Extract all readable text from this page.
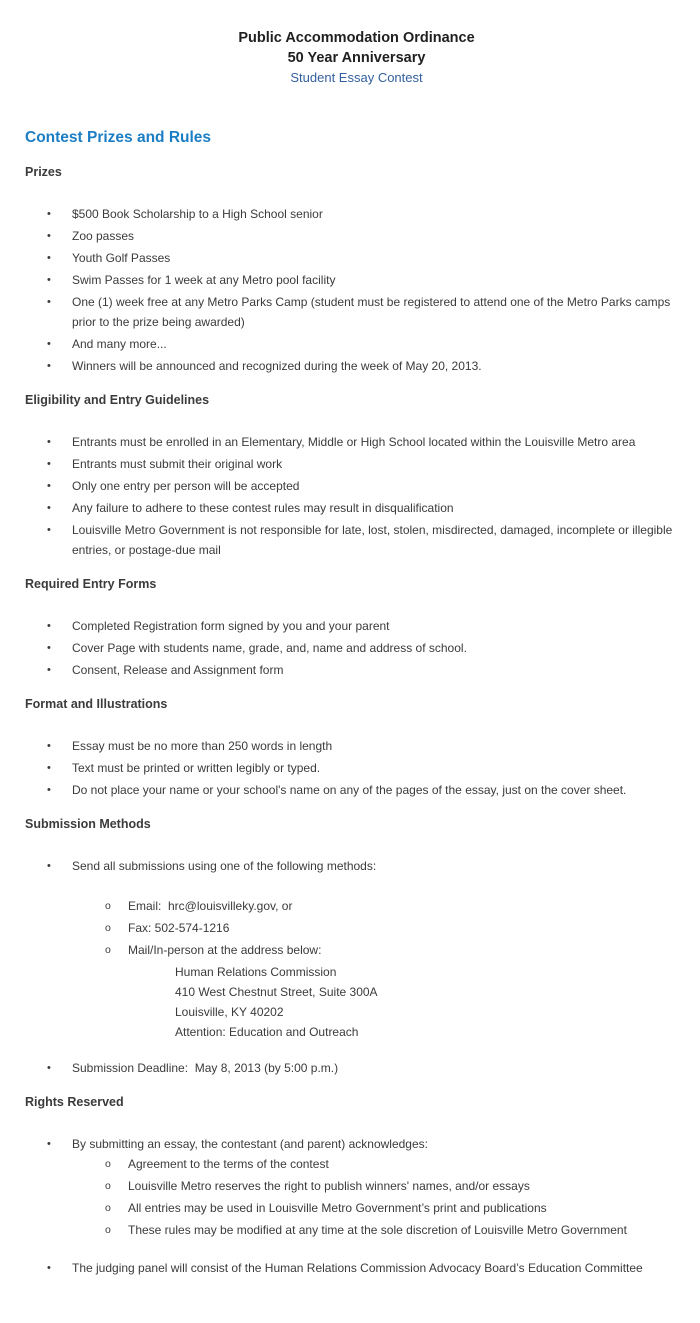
Public Accommodation Ordinance
50 Year Anniversary
Student Essay Contest
Contest Prizes and Rules
Prizes
•	$500 Book Scholarship to a High School senior
•	Zoo passes
•	Youth Golf Passes
•	Swim Passes for 1 week at any Metro pool facility
•	One (1) week free at any Metro Parks Camp (student must be registered to attend one of the Metro Parks camps prior to the prize being awarded)
•	And many more...
•	Winners will be announced and recognized during the week of May 20, 2013.
Eligibility and Entry Guidelines
•	Entrants must be enrolled in an Elementary, Middle or High School located within the Louisville Metro area
•	Entrants must submit their original work
•	Only one entry per person will be accepted
•	Any failure to adhere to these contest rules may result in disqualification
•	Louisville Metro Government is not responsible for late, lost, stolen, misdirected, damaged, incomplete or illegible entries, or postage-due mail
Required Entry Forms
•	Completed Registration form signed by you and your parent
•	Cover Page with students name, grade, and, name and address of school.
•	Consent, Release and Assignment form
Format and Illustrations
•	Essay must be no more than 250 words in length
•	Text must be printed or written legibly or typed.
•	Do not place your name or your school's name on any of the pages of the essay, just on the cover sheet.
Submission Methods
•	Send all submissions using one of the following methods:
o	Email:  hrc@louisvilleky.gov, or
o	Fax: 502-574-1216
o	Mail/In-person at the address below:
Human Relations Commission
410 West Chestnut Street, Suite 300A
Louisville, KY 40202
Attention: Education and Outreach
•	Submission Deadline:  May 8, 2013 (by 5:00 p.m.)
Rights Reserved
•	By submitting an essay, the contestant (and parent) acknowledges:
o	Agreement to the terms of the contest
o	Louisville Metro reserves the right to publish winners' names, and/or essays
o	All entries may be used in Louisville Metro Government’s print and publications
o	These rules may be modified at any time at the sole discretion of Louisville Metro Government
•	The judging panel will consist of the Human Relations Commission Advocacy Board’s Education Committee
